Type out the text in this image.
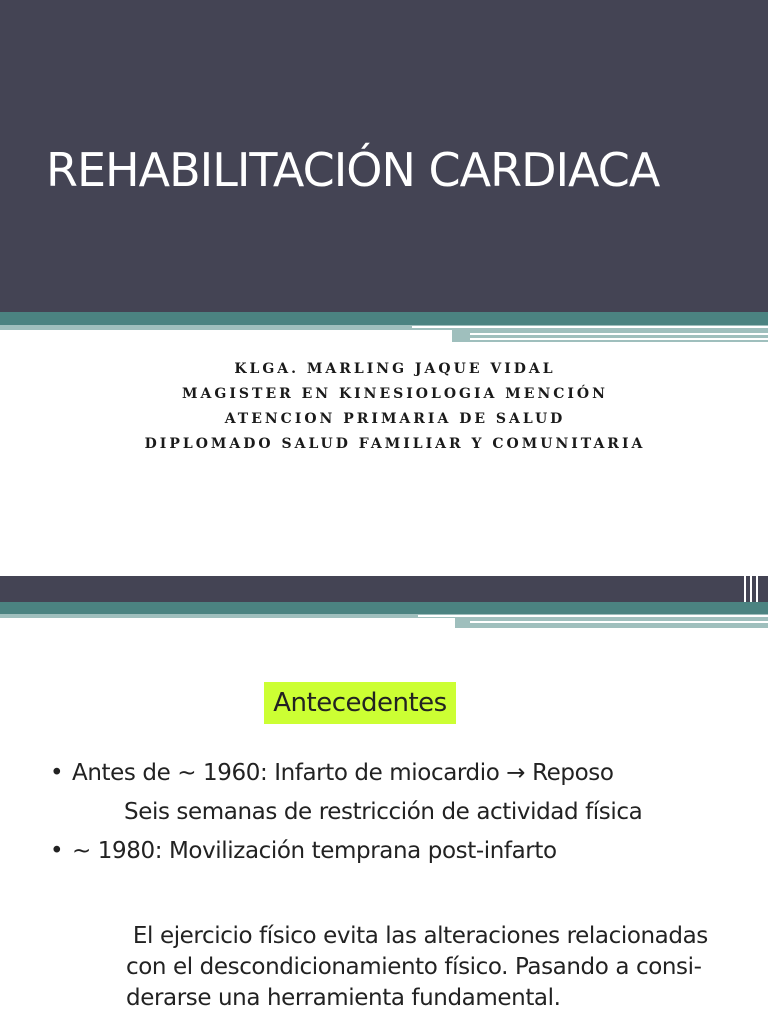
REHABILITACIÓN CARDIACA
KLGA. MARLING JAQUE VIDAL
MAGISTER EN KINESIOLOGIA MENCIÓN
ATENCION PRIMARIA DE SALUD
DIPLOMADO SALUD FAMILIAR Y COMUNITARIA
Antecedentes
• Antes de ~ 1960: Infarto de miocardio → Reposo
Seis semanas de restricción de actividad física
• ~ 1980: Movilización temprana post-infarto
El ejercicio físico evita las alteraciones relacionadas
con el descondicionamiento físico. Pasando a consi-
derarse una herramienta fundamental.
